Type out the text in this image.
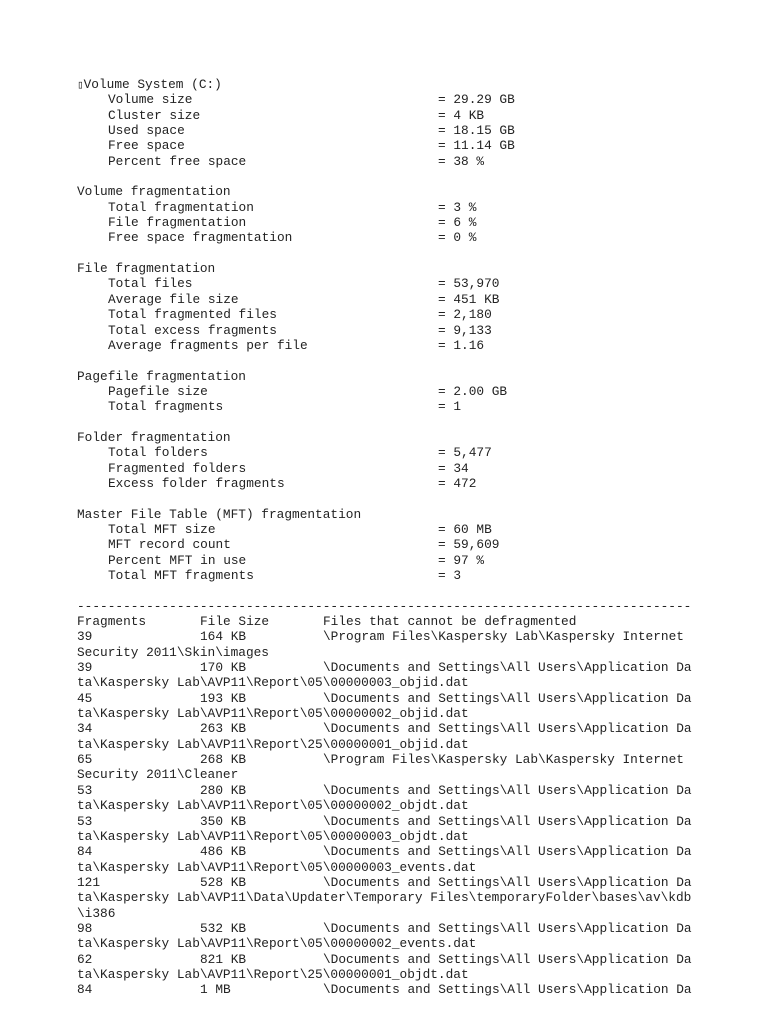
▯Volume System (C:)
Volume size	= 29.29 GB
Cluster size	= 4 KB
Used space	= 18.15 GB
Free space	= 11.14 GB
Percent free space	= 38 %
Volume fragmentation
Total fragmentation	= 3 %
File fragmentation	= 6 %
Free space fragmentation	= 0 %
File fragmentation
Total files	= 53,970
Average file size	= 451 KB
Total fragmented files	= 2,180
Total excess fragments	= 9,133
Average fragments per file	= 1.16
Pagefile fragmentation
Pagefile size	= 2.00 GB
Total fragments	= 1
Folder fragmentation
Total folders	= 5,477
Fragmented folders	= 34
Excess folder fragments	= 472
Master File Table (MFT) fragmentation
Total MFT size	= 60 MB
MFT record count	= 59,609
Percent MFT in use	= 97 %
Total MFT fragments	= 3
--------------------------------------------------------------------------------
Fragments	File Size	Files that cannot be defragmented
39	164 KB	\Program Files\Kaspersky Lab\Kaspersky Internet
Security 2011\Skin\images
39	170 KB	\Documents and Settings\All Users\Application Da
ta\Kaspersky Lab\AVP11\Report\05\00000003_objid.dat
45	193 KB	\Documents and Settings\All Users\Application Da
ta\Kaspersky Lab\AVP11\Report\05\00000002_objid.dat
34	263 KB	\Documents and Settings\All Users\Application Da
ta\Kaspersky Lab\AVP11\Report\25\00000001_objid.dat
65	268 KB	\Program Files\Kaspersky Lab\Kaspersky Internet
Security 2011\Cleaner
53	280 KB	\Documents and Settings\All Users\Application Da
ta\Kaspersky Lab\AVP11\Report\05\00000002_objdt.dat
53	350 KB	\Documents and Settings\All Users\Application Da
ta\Kaspersky Lab\AVP11\Report\05\00000003_objdt.dat
84	486 KB	\Documents and Settings\All Users\Application Da
ta\Kaspersky Lab\AVP11\Report\05\00000003_events.dat
121	528 KB	\Documents and Settings\All Users\Application Da
ta\Kaspersky Lab\AVP11\Data\Updater\Temporary Files\temporaryFolder\bases\av\kdb
\i386
98	532 KB	\Documents and Settings\All Users\Application Da
ta\Kaspersky Lab\AVP11\Report\05\00000002_events.dat
62	821 KB	\Documents and Settings\All Users\Application Da
ta\Kaspersky Lab\AVP11\Report\25\00000001_objdt.dat
84	1 MB	\Documents and Settings\All Users\Application Da
